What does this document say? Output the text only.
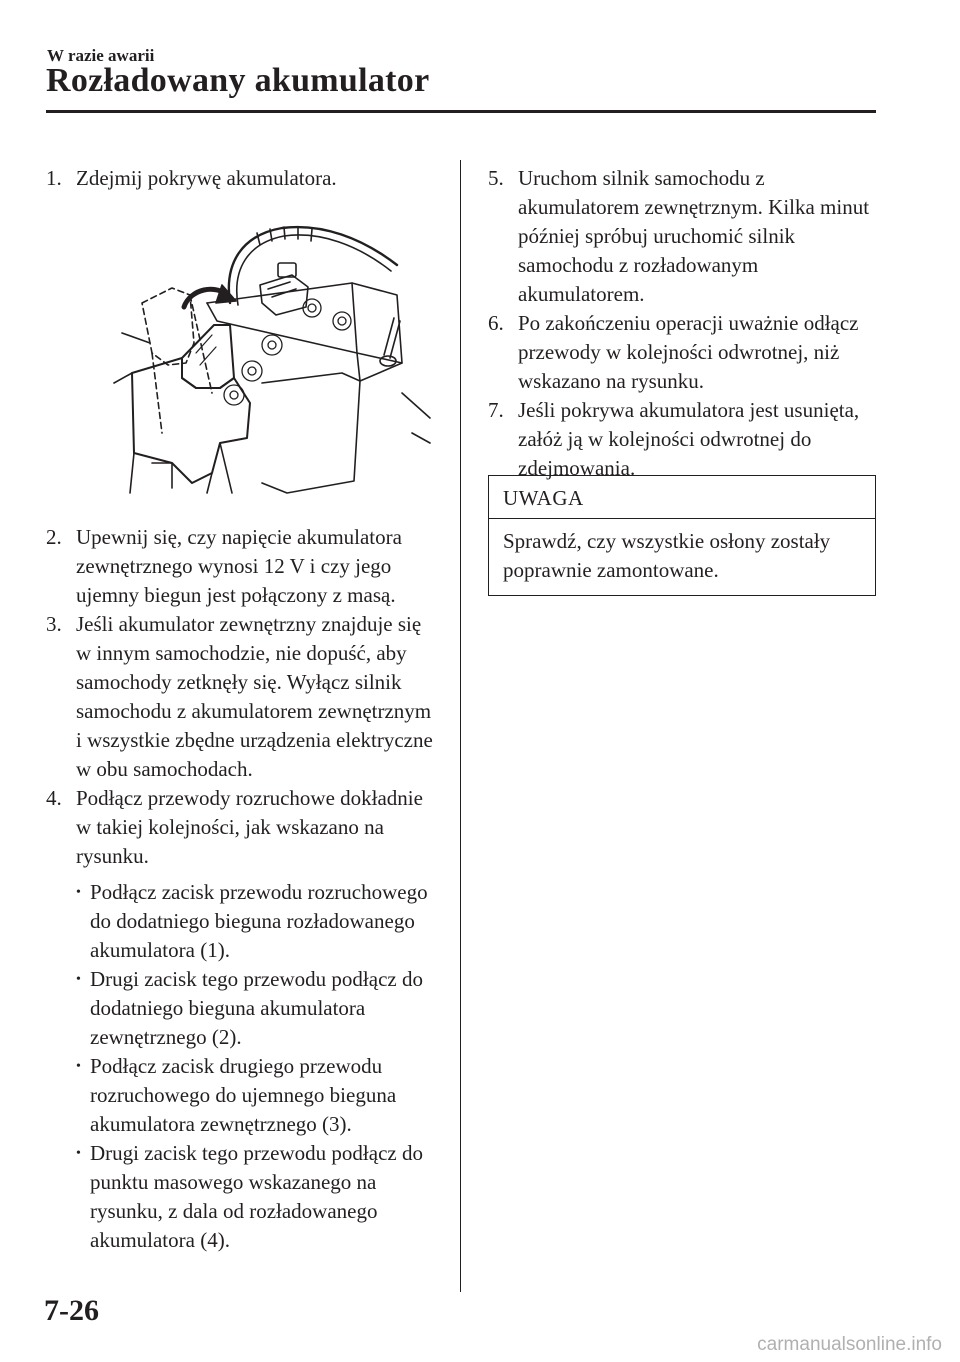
W razie awarii
Rozładowany akumulator
1. Zdejmij pokrywę akumulatora.
2. Upewnij się, czy napięcie akumulatora zewnętrznego wynosi 12 V i czy jego ujemny biegun jest połączony z masą.
3. Jeśli akumulator zewnętrzny znajduje się w innym samochodzie, nie dopuść, aby samochody zetknęły się. Wyłącz silnik samochodu z akumulatorem zewnętrznym i wszystkie zbędne urządzenia elektryczne w obu samochodach.
4. Podłącz przewody rozruchowe dokładnie w takiej kolejności, jak wskazano na rysunku.
• Podłącz zacisk przewodu rozruchowego do dodatniego bieguna rozładowanego akumulatora (1).
• Drugi zacisk tego przewodu podłącz do dodatniego bieguna akumulatora zewnętrznego (2).
• Podłącz zacisk drugiego przewodu rozruchowego do ujemnego bieguna akumulatora zewnętrznego (3).
• Drugi zacisk tego przewodu podłącz do punktu masowego wskazanego na rysunku, z dala od rozładowanego akumulatora (4).
5. Uruchom silnik samochodu z akumulatorem zewnętrznym. Kilka minut później spróbuj uruchomić silnik samochodu z rozładowanym akumulatorem.
6. Po zakończeniu operacji uważnie odłącz przewody w kolejności odwrotnej, niż wskazano na rysunku.
7. Jeśli pokrywa akumulatora jest usunięta, załóż ją w kolejności odwrotnej do zdejmowania.
UWAGA
Sprawdź, czy wszystkie osłony zostały poprawnie zamontowane.
7-26
carmanualsonline.info
